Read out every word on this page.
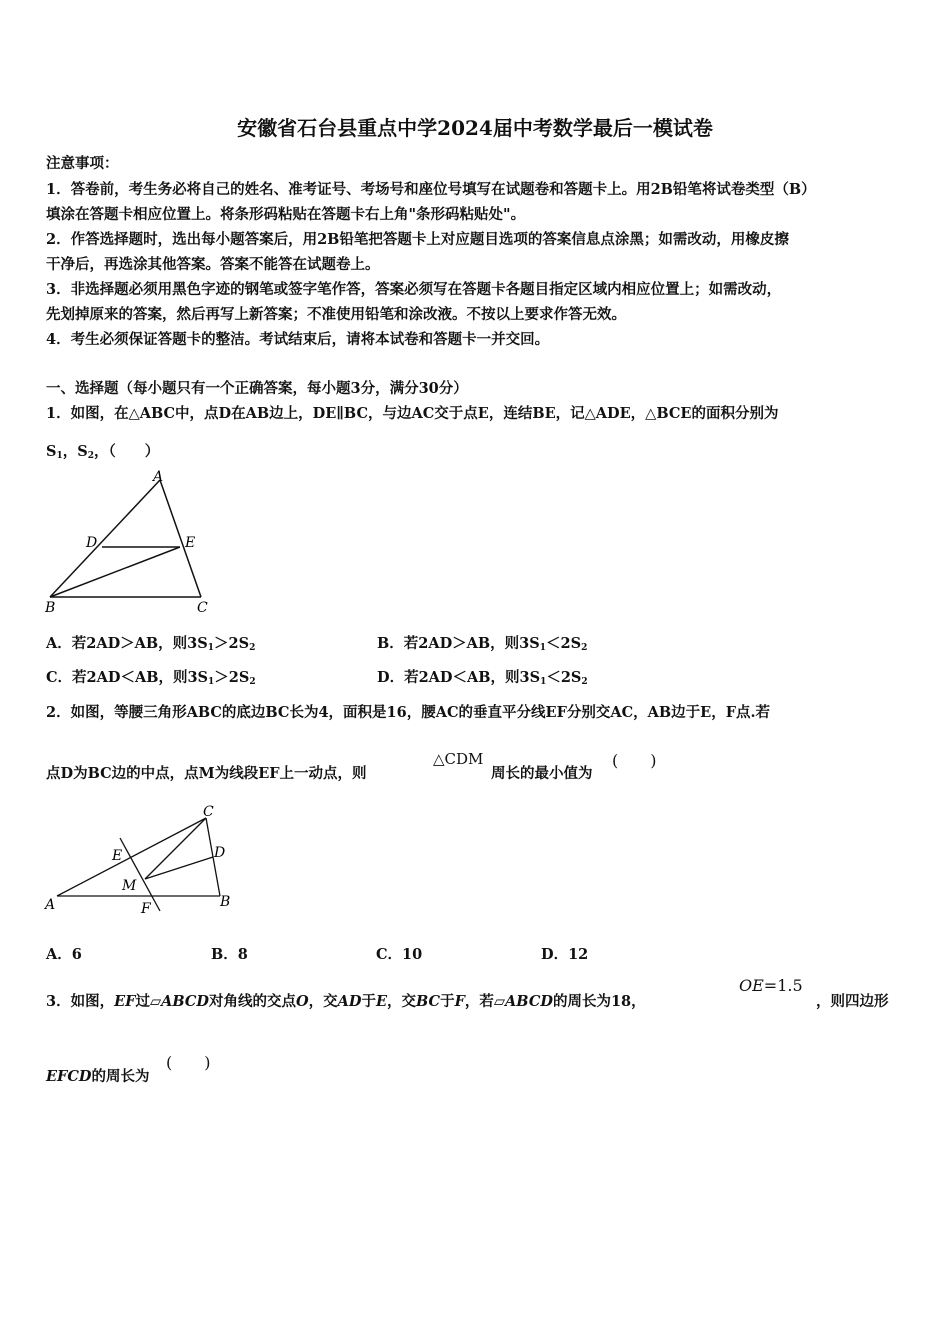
安徽省石台县重点中学2024届中考数学最后一模试卷
注意事项：
1．答卷前，考生务必将自己的姓名、准考证号、考场号和座位号填写在试题卷和答题卡上。用2B铅笔将试卷类型（B）
填涂在答题卡相应位置上。将条形码粘贴在答题卡右上角"条形码粘贴处"。
2．作答选择题时，选出每小题答案后，用2B铅笔把答题卡上对应题目选项的答案信息点涂黑；如需改动，用橡皮擦
干净后，再选涂其他答案。答案不能答在试题卷上。
3．非选择题必须用黑色字迹的钢笔或签字笔作答，答案必须写在答题卡各题目指定区域内相应位置上；如需改动，
先划掉原来的答案，然后再写上新答案；不准使用铅笔和涂改液。不按以上要求作答无效。
4．考生必须保证答题卡的整洁。考试结束后，请将本试卷和答题卡一并交回。
一、选择题（每小题只有一个正确答案，每小题3分，满分30分）
1．如图，在△ABC中，点D在AB边上，DE∥BC，与边AC交于点E，连结BE，记△ADE，△BCE的面积分别为
$S_1$，$S_2$，（　　）
A
D	E
B	C
A．若2AD＞AB，则$3S_1>2S_2$	B．若2AD＞AB，则$3S_1<2S_2$
C．若2AD＜AB，则$3S_1>2S_2$	D．若2AD＜AB，则$3S_1<2S_2$
2．如图，等腰三角形ABC的底边BC长为4，面积是16，腰AC的垂直平分线EF分别交AC，AB边于E，F点.若
点D为BC边的中点，点M为线段EF上一动点，则
△CDM
周长的最小值为
(　　)
C
E	D
M
A	F	B
A．6	B．8	C．10	D．12
3．如图，EF过▱ABCD对角线的交点O，交AD于E，交BC于F，若▱ABCD的周长为18，
OE=1.5
，则四边形
EFCD的周长为
(　　)
